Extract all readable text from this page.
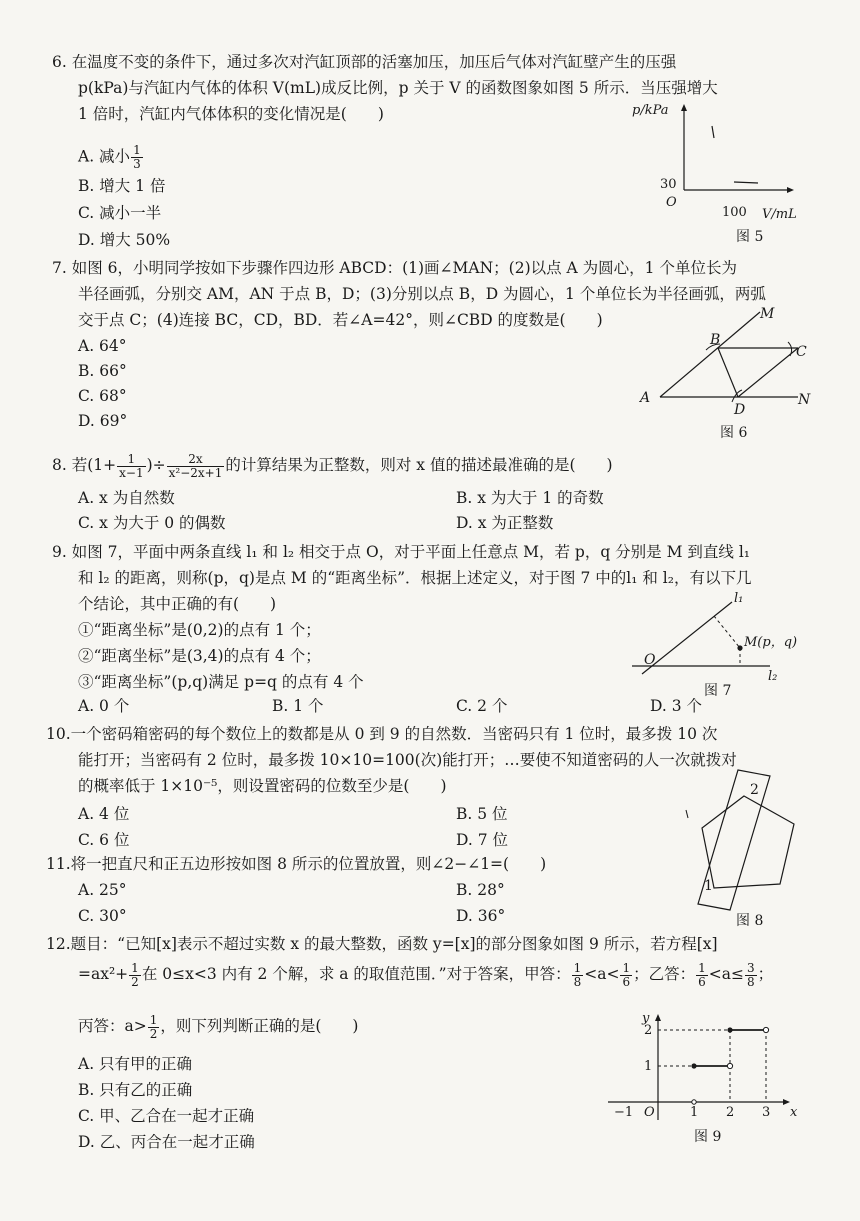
6. 在温度不变的条件下，通过多次对汽缸顶部的活塞加压，加压后气体对汽缸壁产生的压强
p(kPa)与汽缸内气体的体积 V(mL)成反比例，p 关于 V 的函数图象如图 5 所示．当压强增大
1 倍时，汽缸内气体体积的变化情况是(　　)
A. 减小 $\frac{1}{3}$
B. 增大 1 倍
C. 减小一半
D. 增大 50%
p/kPa
30
O
100 V/mL
图 5
7. 如图 6，小明同学按如下步骤作四边形 ABCD：(1)画∠MAN；(2)以点 A 为圆心，1 个单位长为
半径画弧，分别交 AM，AN 于点 B，D；(3)分别以点 B，D 为圆心，1 个单位长为半径画弧，两弧
交于点 C；(4)连接 BC，CD，BD．若∠A=42°，则∠CBD 的度数是(　　)
A. 64°
B. 66°
C. 68°
D. 69°
A
B
C
D
M
N
图 6
8. 若($1+ \frac{1}{x-1}$ )÷ $\frac{2x}{\text{x²−2x+1}}$ 的计算结果为正整数，则对 x 值的描述最准确的是(　　)
A. x 为自然数	B. x 为大于 1 的奇数
C. x 为大于 0 的偶数	D. x 为正整数
9. 如图 7，平面中两条直线 l₁ 和 l₂ 相交于点 O，对于平面上任意点 M，若 p，q 分别是 M 到直线 l₁
和 l₂ 的距离，则称(p，q)是点 M 的“距离坐标”．根据上述定义，对于图 7 中的l₁ 和 l₂，有以下几
个结论，其中正确的有(　　)
①“距离坐标”是(0,2)的点有 1 个；
②“距离坐标”是(3,4)的点有 4 个；
③“距离坐标”(p,q)满足 p=q 的点有 4 个
A. 0 个	B. 1 个	C. 2 个	D. 3 个
O
M(p，q)
l₁
l₂
图 7
10.一个密码箱密码的每个数位上的数都是从 0 到 9 的自然数．当密码只有 1 位时，最多拨 10 次
能打开；当密码有 2 位时，最多拨 10×10=100(次)能打开；…要使不知道密码的人一次就拨对
的概率低于 1×10⁻⁵，则设置密码的位数至少是(　　)
A. 4 位	B. 5 位
C. 6 位	D. 7 位
11.将一把直尺和正五边形按如图 8 所示的位置放置，则∠2−∠1=(　　)
A. 25°	B. 28°
C. 30°	D. 36°
2
1
图 8
12.题目：“已知[x]表示不超过实数 x 的最大整数，函数 y=[x]的部分图象如图 9 所示，若方程[x]
$=ax^2+ \frac{1}{2}$ 在 0≤x<3 内有 2 个解，求 a 的取值范围．”对于答案，甲答： $\frac{1}{8} <a< \frac{1}{6}$ ；乙答： $\frac{1}{6} <a\le \frac{3}{8}$ ；
丙答：$a> \frac{1}{2}$ ，则下列判断正确的是(　　)
A. 只有甲的正确
B. 只有乙的正确
C. 甲、乙合在一起才正确
D. 乙、丙合在一起才正确
y
x
2
1
−1 O	1 2 3
图 9
